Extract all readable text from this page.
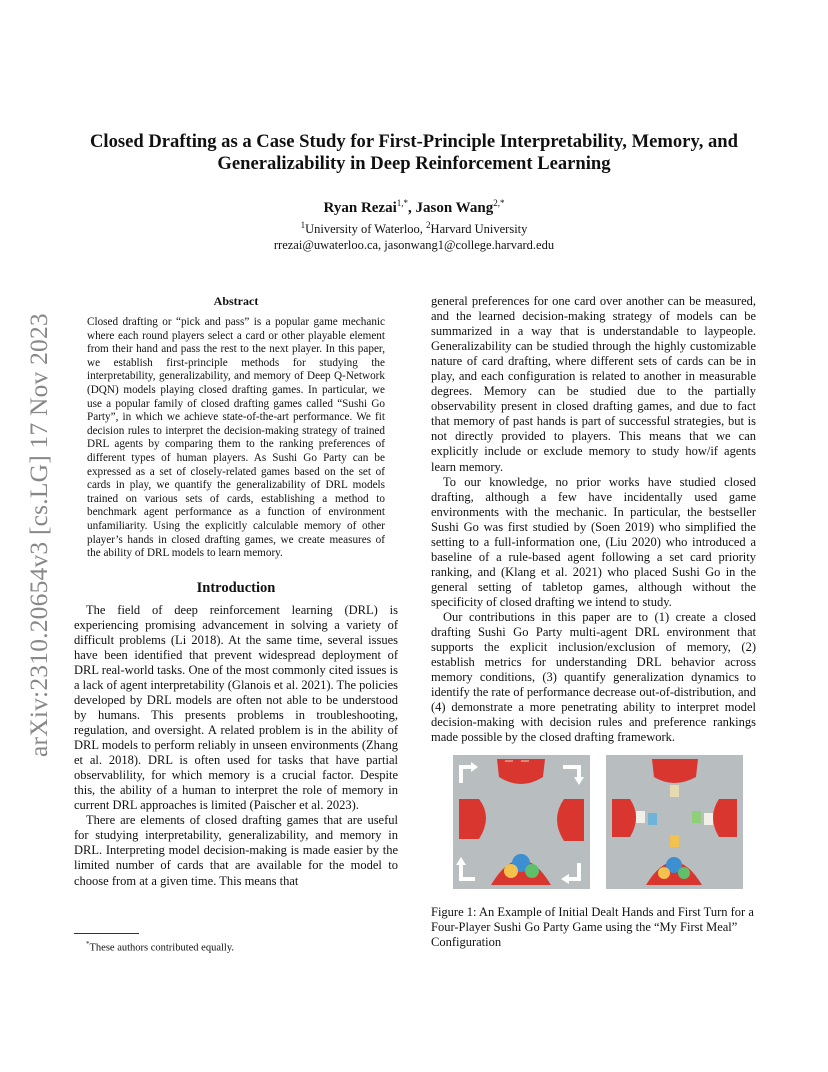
arXiv:2310.20654v3 [cs.LG] 17 Nov 2023
Closed Drafting as a Case Study for First-Principle Interpretability, Memory, and Generalizability in Deep Reinforcement Learning
Ryan Rezai$^{1,*}$, Jason Wang$^{2,*}$
$^1$University of Waterloo, $^2$Harvard University
rrezai@uwaterloo.ca, jasonwang1@college.harvard.edu
Abstract

Closed drafting or “pick and pass” is a popular game mechanic where each round players select a card or other playable element from their hand and pass the rest to the next player. In this paper, we establish first-principle methods for studying the interpretability, generalizability, and memory of Deep Q-Network (DQN) models playing closed drafting games. In particular, we use a popular family of closed drafting games called “Sushi Go Party”, in which we achieve state-of-the-art performance. We fit decision rules to interpret the decision-making strategy of trained DRL agents by comparing them to the ranking preferences of different types of human players. As Sushi Go Party can be expressed as a set of closely-related games based on the set of cards in play, we quantify the generalizability of DRL models trained on various sets of cards, establishing a method to benchmark agent performance as a function of environment unfamiliarity. Using the explicitly calculable memory of other player’s hands in closed drafting games, we create measures of the ability of DRL models to learn memory.

Introduction

The field of deep reinforcement learning (DRL) is experiencing promising advancement in solving a variety of difficult problems (Li 2018). At the same time, several issues have been identified that prevent widespread deployment of DRL real-world tasks. One of the most commonly cited issues is a lack of agent interpretability (Glanois et al. 2021). The policies developed by DRL models are often not able to be understood by humans. This presents problems in troubleshooting, regulation, and oversight. A related problem is in the ability of DRL models to perform reliably in unseen environments (Zhang et al. 2018). DRL is often used for tasks that have partial observablility, for which memory is a crucial factor. Despite this, the ability of a human to interpret the role of memory in current DRL approaches is limited (Paischer et al. 2023).

There are elements of closed drafting games that are useful for studying interpretability, generalizability, and memory in DRL. Interpreting model decision-making is made easier by the limited number of cards that are available for the model to choose from at a given time. This means that

general preferences for one card over another can be measured, and the learned decision-making strategy of models can be summarized in a way that is understandable to laypeople. Generalizability can be studied through the highly customizable nature of card drafting, where different sets of cards can be in play, and each configuration is related to another in measurable degrees. Memory can be studied due to the partially observability present in closed drafting games, and due to fact that memory of past hands is part of successful strategies, but is not directly provided to players. This means that we can explicitly include or exclude memory to study how/if agents learn memory.

To our knowledge, no prior works have studied closed drafting, although a few have incidentally used game environments with the mechanic. In particular, the bestseller Sushi Go was first studied by (Soen 2019) who simplified the setting to a full-information one, (Liu 2020) who introduced a baseline of a rule-based agent following a set card priority ranking, and (Klang et al. 2021) who placed Sushi Go in the general setting of tabletop games, although without the specificity of closed drafting we intend to study.

Our contributions in this paper are to (1) create a closed drafting Sushi Go Party multi-agent DRL environment that supports the explicit inclusion/exclusion of memory, (2) establish metrics for understanding DRL behavior across memory conditions, (3) quantify generalization dynamics to identify the rate of performance decrease out-of-distribution, and (4) demonstrate a more penetrating ability to interpret model decision-making with decision rules and preference rankings made possible by the closed drafting framework.

Figure 1: An Example of Initial Dealt Hands and First Turn for a Four-Player Sushi Go Party Game using the “My First Meal” Configuration
*These authors contributed equally.
